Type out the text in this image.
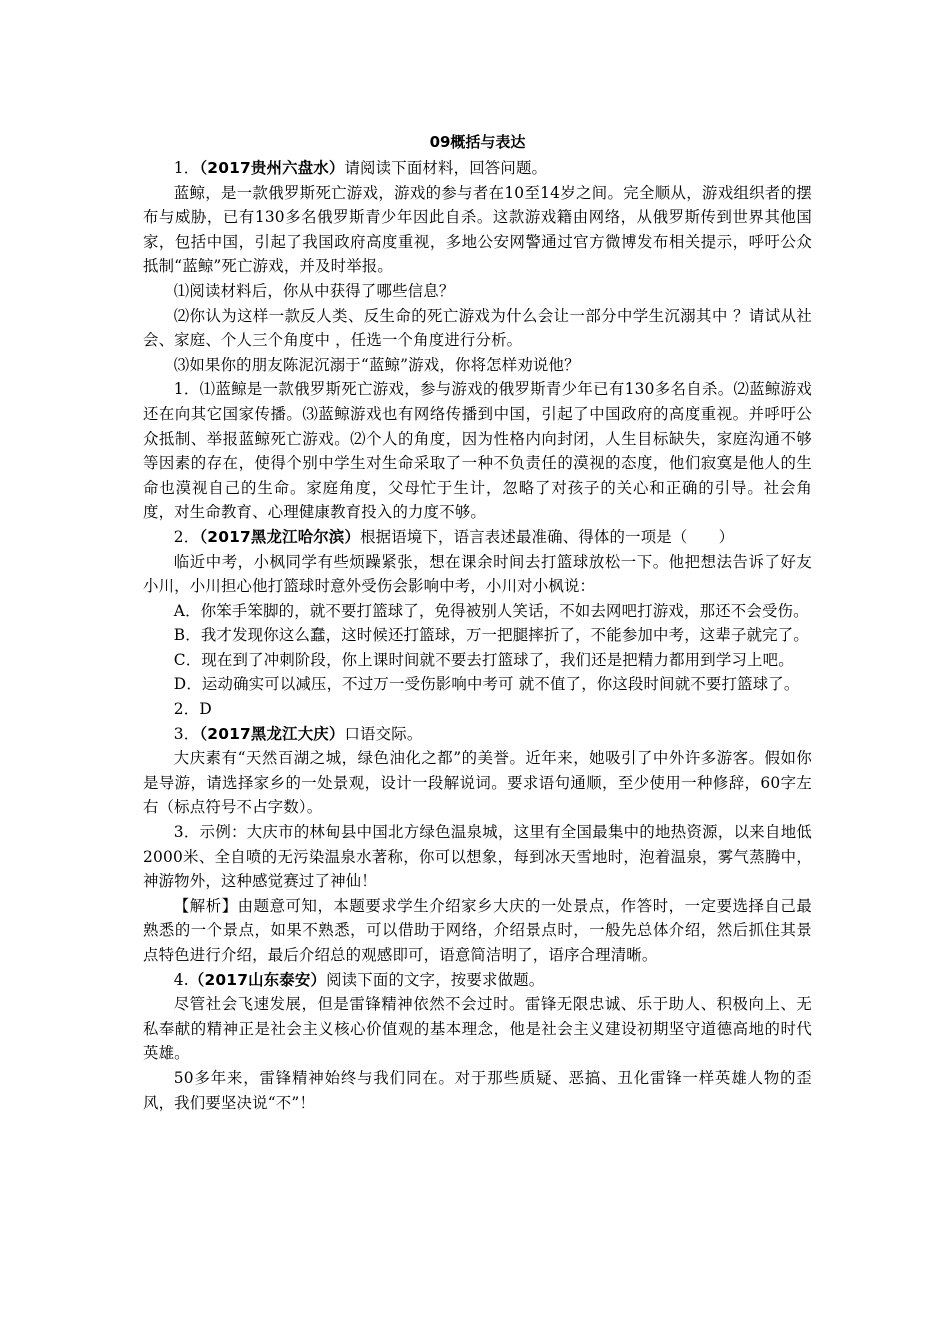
09概括与表达

1．（2017贵州六盘水）请阅读下面材料，回答问题。

蓝鲸，是一款俄罗斯死亡游戏，游戏的参与者在10至14岁之间。完全顺从，游戏组织者的摆布与威胁，已有130多名俄罗斯青少年因此自杀。这款游戏籍由网络，从俄罗斯传到世界其他国家，包括中国，引起了我国政府高度重视，多地公安网警通过官方微博发布相关提示，呼吁公众抵制“蓝鲸”死亡游戏，并及时举报。

⑴阅读材料后，你从中获得了哪些信息？

⑵你认为这样一款反人类、反生命的死亡游戏为什么会让一部分中学生沉溺其中 ？请试从社会、家庭、个人三个角度中 ，任选一个角度进行分析。

⑶如果你的朋友陈泥沉溺于“蓝鲸”游戏，你将怎样劝说他？

1．⑴蓝鲸是一款俄罗斯死亡游戏，参与游戏的俄罗斯青少年已有130多名自杀。⑵蓝鲸游戏还在向其它国家传播。⑶蓝鲸游戏也有网络传播到中国，引起了中国政府的高度重视。并呼吁公众抵制、举报蓝鲸死亡游戏。⑵个人的角度，因为性格内向封闭，人生目标缺失，家庭沟通不够等因素的存在，使得个别中学生对生命采取了一种不负责任的漠视的态度，他们寂寞是他人的生命也漠视自己的生命。家庭角度，父母忙于生计，忽略了对孩子的关心和正确的引导。社会角度，对生命教育、心理健康教育投入的力度不够。

2．（2017黑龙江哈尔滨）根据语境下，语言表述最准确、得体的一项是（　　）

临近中考，小枫同学有些烦躁紧张，想在课余时间去打篮球放松一下。他把想法告诉了好友小川，小川担心他打篮球时意外受伤会影响中考，小川对小枫说：

A．你笨手笨脚的，就不要打篮球了，免得被别人笑话，不如去网吧打游戏，那还不会受伤。

B．我才发现你这么蠢，这时候还打篮球，万一把腿摔折了，不能参加中考，这辈子就完了。

C．现在到了冲刺阶段，你上课时间就不要去打篮球了，我们还是把精力都用到学习上吧。

D．运动确实可以减压，不过万一受伤影响中考可 就不值了，你这段时间就不要打篮球了。

2．D

3．（2017黑龙江大庆）口语交际。

大庆素有“天然百湖之城，绿色油化之都”的美誉。近年来，她吸引了中外许多游客。假如你是导游，请选择家乡的一处景观，设计一段解说词。要求语句通顺，至少使用一种修辞，60字左右（标点符号不占字数）。

3．示例：大庆市的林甸县中国北方绿色温泉城，这里有全国最集中的地热资源，以来自地低2000米、全自喷的无污染温泉水著称，你可以想象，每到冰天雪地时，泡着温泉，雾气蒸腾中，神游物外，这种感觉赛过了神仙！

【解析】由题意可知，本题要求学生介绍家乡大庆的一处景点，作答时，一定要选择自己最熟悉的一个景点，如果不熟悉，可以借助于网络，介绍景点时，一般先总体介绍，然后抓住其景点特色进行介绍，最后介绍总的观感即可，语意简洁明了，语序合理清晰。

4.（2017山东泰安）阅读下面的文字，按要求做题。

尽管社会飞速发展，但是雷锋精神依然不会过时。雷锋无限忠诚、乐于助人、积极向上、无私奉献的精神正是社会主义核心价值观的基本理念，他是社会主义建设初期坚守道德高地的时代英雄。

50多年来，雷锋精神始终与我们同在。对于那些质疑、恶搞、丑化雷锋一样英雄人物的歪风，我们要坚决说“不”！
